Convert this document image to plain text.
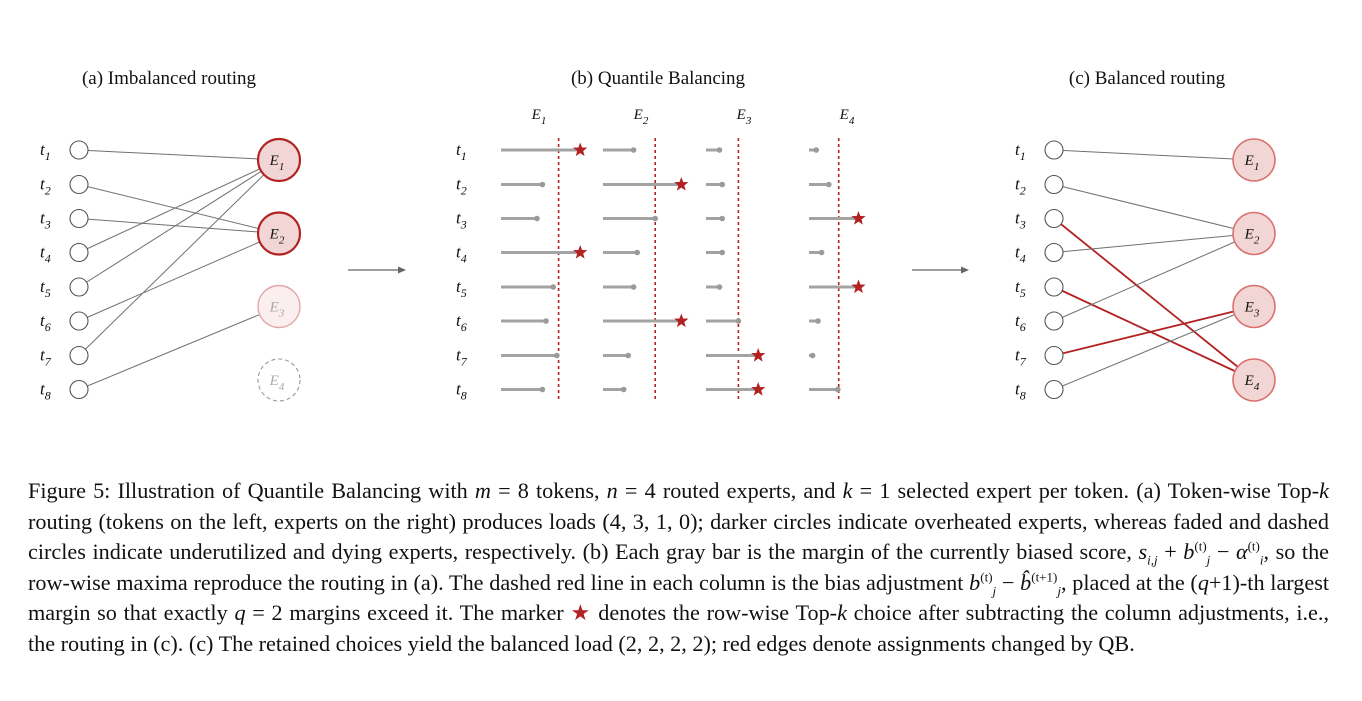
(a) Imbalanced routing	(b) Quantile Balancing	(c) Balanced routing
$t_1$
$t_2$
$t_3$
$t_4$
$t_5$
$t_6$
$t_7$
$t_8$
$E_1$
$E_2$
$E_3$
$E_4$
$E_1$	$E_2$	$E_3$	$E_4$
$t_1$
$t_2$
$t_3$
$t_4$
$t_5$
$t_6$
$t_7$
$t_8$
$t_1$
$t_2$
$t_3$
$t_4$
$t_5$
$t_6$
$t_7$
$t_8$
$E_1$
$E_2$
$E_3$
$E_4$
Figure 5: Illustration of Quantile Balancing with m = 8 tokens, n = 4 routed experts, and k = 1 selected expert per token. (a) Token-wise Top-k routing (tokens on the left, experts on the right) produces loads (4, 3, 1, 0); darker circles indicate overheated experts, whereas faded and dashed circles indicate underutilized and dying experts, respectively. (b) Each gray bar is the margin of the currently biased score, $s_{i,j} + b^{(t)}_j - \alpha^{(t)}_i$, so the row-wise maxima reproduce the routing in (a). The dashed red line in each column is the bias adjustment $b^{(t)}_j$ − b̂$^{(t+1)}_j$, placed at the (q+1)-th largest margin so that exactly q = 2 margins exceed it. The marker ★ denotes the row-wise Top-k choice after subtracting the column adjustments, i.e., the routing in (c). (c) The retained choices yield the balanced load (2, 2, 2, 2); red edges denote assignments changed by QB.
